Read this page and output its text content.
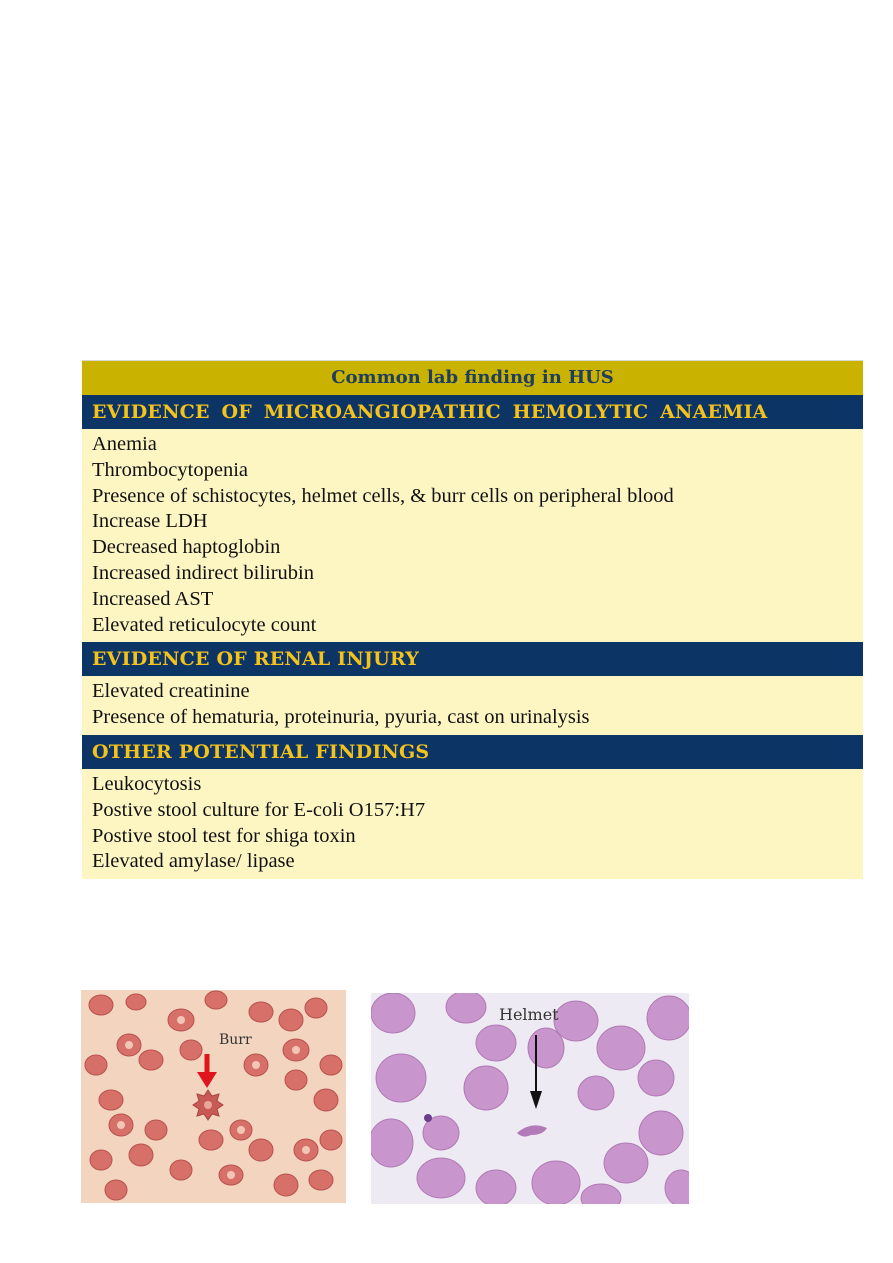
Common lab finding in HUS
EVIDENCE OF MICROANGIOPATHIC HEMOLYTIC ANAEMIA
Anemia
Thrombocytopenia
Presence of schistocytes, helmet cells, & burr cells on peripheral blood
Increase LDH
Decreased haptoglobin
Increased indirect bilirubin
Increased AST
Elevated reticulocyte count
EVIDENCE OF RENAL INJURY
Elevated creatinine
Presence of hematuria, proteinuria, pyuria, cast on urinalysis
OTHER POTENTIAL FINDINGS
Leukocytosis
Postive stool culture for E-coli O157:H7
Postive stool test for shiga toxin
Elevated amylase/ lipase
Burr
Helmet
